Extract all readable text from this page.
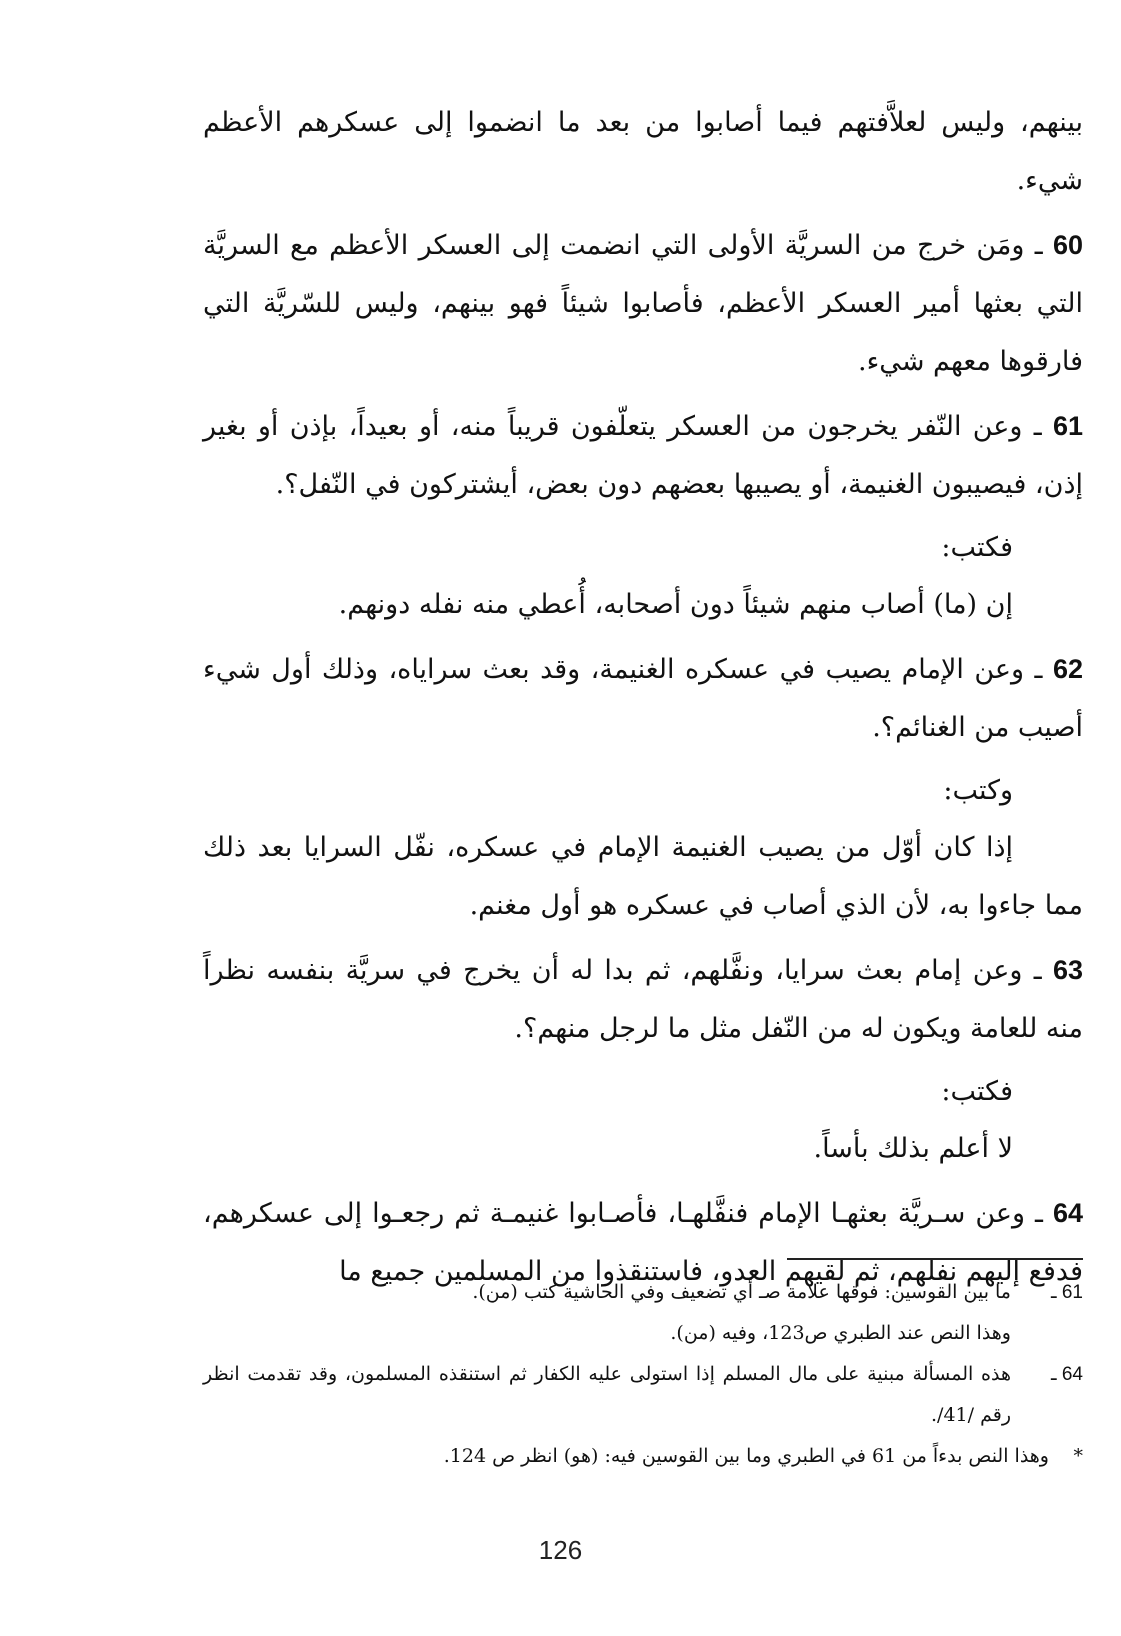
بينهم، وليس لعلاَّفتهم فيما أصابوا من بعد ما انضموا إلى عسكرهم الأعظم شيء.

60 ـ ومَن خرج من السريَّة الأولى التي انضمت إلى العسكر الأعظم مع السريَّة التي بعثها أمير العسكر الأعظم، فأصابوا شيئاً فهو بينهم، وليس للسّريَّة التي فارقوها معهم شيء.

61 ـ وعن النّفر يخرجون من العسكر يتعلّفون قريباً منه، أو بعيداً، بإذن أو بغير إذن، فيصيبون الغنيمة، أو يصيبها بعضهم دون بعض، أيشتركون في النّفل؟.

فكتب:

إن (ما) أصاب منهم شيئاً دون أصحابه، أُعطي منه نفله دونهم.

62 ـ وعن الإمام يصيب في عسكره الغنيمة، وقد بعث سراياه، وذلك أول شيء أصيب من الغنائم؟.

وكتب:

إذا كان أوّل من يصيب الغنيمة الإمام في عسكره، نفّل السرايا بعد ذلك مما جاءوا به، لأن الذي أصاب في عسكره هو أول مغنم.

63 ـ وعن إمام بعث سرايا، ونفَّلهم، ثم بدا له أن يخرج في سريَّة بنفسه نظراً منه للعامة ويكون له من النّفل مثل ما لرجل منهم؟.

فكتب:

لا أعلم بذلك بأساً.

64 ـ وعن سـريَّة بعثهـا الإمام فنفَّلهـا، فأصـابوا غنيمـة ثم رجعـوا إلى عسكرهم، فدفع إليهم نفلهم، ثم لقيهم العدو، فاستنقذوا من المسلمين جميع ما

61 ـ
ما بين القوسين: فوقها علامة صـ أي تضعيف وفي الحاشية كتب (من).
وهذا النص عند الطبري ص123، وفيه (من).
64 ـ
هذه المسألة مبنية على مال المسلم إذا استولى عليه الكفار ثم استنقذه المسلمون، وقد تقدمت انظر رقم /41/.
*
وهذا النص بدءاً من 61 في الطبري وما بين القوسين فيه: (هو) انظر ص 124.
126
